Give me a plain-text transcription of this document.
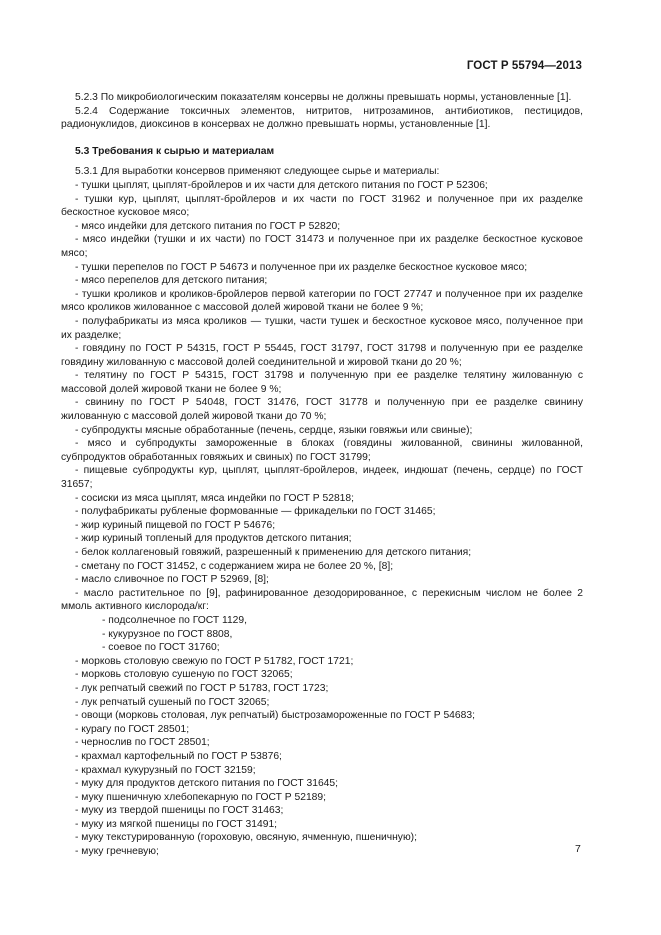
ГОСТ Р 55794—2013

5.2.3 По микробиологическим показателям консервы не должны превышать нормы, установленные [1].

5.2.4 Содержание токсичных элементов, нитритов, нитрозаминов, антибиотиков, пестицидов, радионуклидов, диоксинов в консервах не должно превышать нормы, установленные [1].

5.3 Требования к сырью и материалам

5.3.1 Для выработки консервов применяют следующее сырье и материалы:

- тушки цыплят, цыплят-бройлеров и их части для детского питания по ГОСТ Р 52306;

- тушки кур, цыплят, цыплят-бройлеров и их части по ГОСТ 31962 и полученное при их разделке бескостное кусковое мясо;

- мясо индейки для детского питания по ГОСТ Р 52820;

- мясо индейки (тушки и их части) по ГОСТ 31473 и полученное при их разделке бескостное кусковое мясо;

- тушки перепелов по ГОСТ Р 54673 и полученное при их разделке бескостное кусковое мясо;

- мясо перепелов для детского питания;

- тушки кроликов и кроликов-бройлеров первой категории по ГОСТ 27747 и полученное при их разделке мясо кроликов жилованное с массовой долей жировой ткани не более 9 %;

- полуфабрикаты из мяса кроликов — тушки, части тушек и бескостное кусковое мясо, полученное при их разделке;

- говядину по ГОСТ Р 54315, ГОСТ Р 55445, ГОСТ 31797, ГОСТ 31798 и полученную при ее разделке говядину жилованную с массовой долей соединительной и жировой ткани до 20 %;

- телятину по ГОСТ Р 54315, ГОСТ 31798 и полученную при ее разделке телятину жилованную с массовой долей жировой ткани не более 9 %;

- свинину по ГОСТ Р 54048, ГОСТ 31476, ГОСТ 31778 и полученную при ее разделке свинину жилованную с массовой долей жировой ткани до 70 %;

- субпродукты мясные обработанные (печень, сердце, языки говяжьи или свиные);

- мясо и субпродукты замороженные в блоках (говядины жилованной, свинины жилованной, субпродуктов обработанных говяжьих и свиных) по ГОСТ 31799;

- пищевые субпродукты кур, цыплят, цыплят-бройлеров, индеек, индюшат (печень, сердце) по ГОСТ 31657;

- сосиски из мяса цыплят, мяса индейки по ГОСТ Р 52818;

- полуфабрикаты рубленые формованные — фрикадельки по ГОСТ 31465;

- жир куриный пищевой по ГОСТ Р 54676;

- жир куриный топленый для продуктов детского питания;

- белок коллагеновый говяжий, разрешенный к применению для детского питания;

- сметану по ГОСТ 31452, с содержанием жира не более 20 %, [8];

- масло сливочное по ГОСТ Р 52969, [8];

- масло растительное по [9], рафинированное дезодорированное, с перекисным числом не более 2 ммоль активного кислорода/кг:

- подсолнечное по ГОСТ 1129,

- кукурузное по ГОСТ 8808,

- соевое по ГОСТ 31760;

- морковь столовую свежую по ГОСТ Р 51782, ГОСТ 1721;

- морковь столовую сушеную по ГОСТ 32065;

- лук репчатый свежий по ГОСТ Р 51783, ГОСТ 1723;

- лук репчатый сушеный по ГОСТ 32065;

- овощи (морковь столовая, лук репчатый) быстрозамороженные по ГОСТ Р 54683;

- курагу по ГОСТ 28501;

- чернослив по ГОСТ 28501;

- крахмал картофельный по ГОСТ Р 53876;

- крахмал кукурузный по ГОСТ 32159;

- муку для продуктов детского питания по ГОСТ 31645;

- муку пшеничную хлебопекарную по ГОСТ Р 52189;

- муку из твердой пшеницы по ГОСТ 31463;

- муку из мягкой пшеницы по ГОСТ 31491;

- муку текстурированную (гороховую, овсяную, ячменную, пшеничную);

- муку гречневую;	7
